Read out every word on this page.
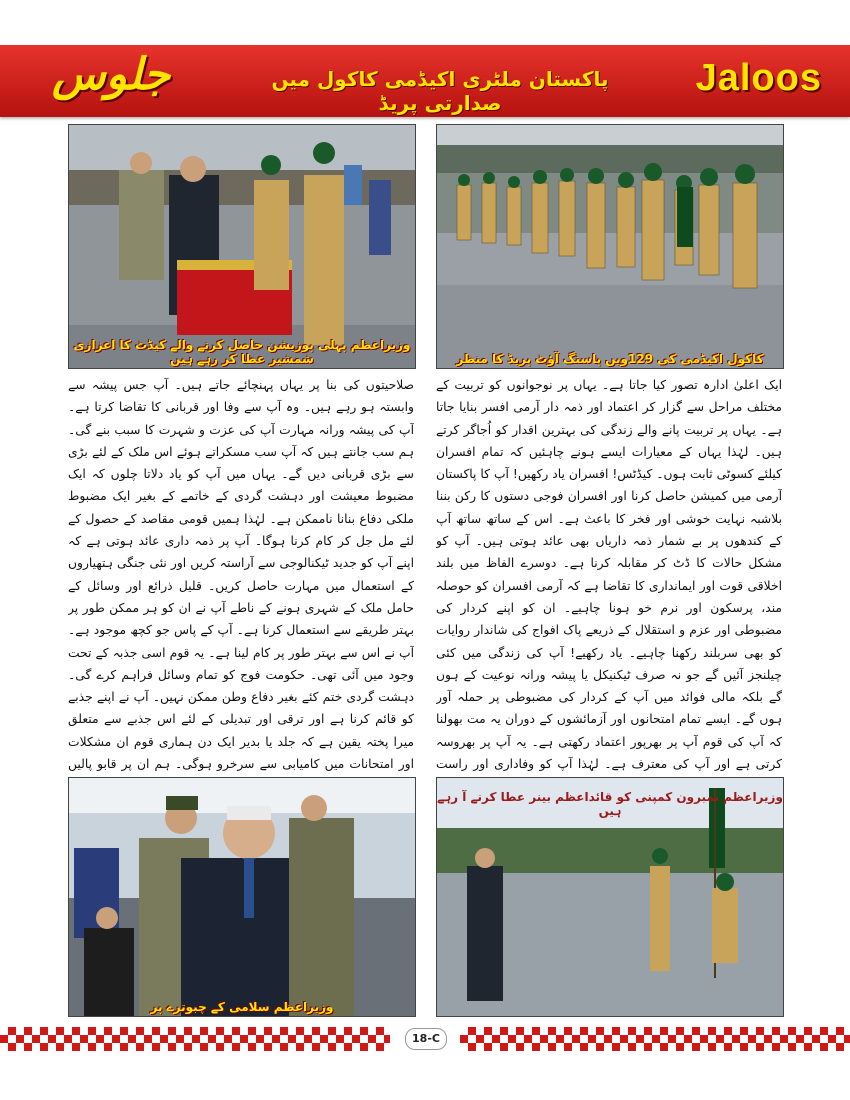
جلوس	پاکستان ملٹری اکیڈمی کاکول میں صدارتی پریڈ
Jaloos
کاکول اکیڈمی کی 129ویں پاسنگ آؤٹ پریڈ کا منظر
وزیراعظم پہلی پوزیشن حاصل کرنے والے کیڈٹ کا اعزازی شمشیر عطا کر رہے ہیں

ایک اعلیٰ ادارہ تصور کیا جاتا ہے۔ یہاں پر نوجوانوں کو تربیت کے مختلف مراحل سے گزار کر اعتماد اور ذمہ دار آرمی افسر بنایا جاتا ہے۔ یہاں پر تربیت پانے والے زندگی کی بہترین اقدار کو اُجاگر کرتے ہیں۔ لہٰذا یہاں کے معیارات ایسے ہونے چاہئیں کہ تمام افسران کیلئے کسوٹی ثابت ہوں۔ کیڈٹس! افسران یاد رکھیں! آپ کا پاکستان آرمی میں کمیشن حاصل کرنا اور افسران فوجی دستوں کا رکن بننا بلاشبہ نہایت خوشی اور فخر کا باعث ہے۔ اس کے ساتھ ساتھ آپ کے کندھوں پر بے شمار ذمہ داریاں بھی عائد ہوتی ہیں۔ آپ کو مشکل حالات کا ڈٹ کر مقابلہ کرنا ہے۔ دوسرے الفاظ میں بلند اخلاقی قوت اور ایمانداری کا تقاضا ہے کہ آرمی افسران کو حوصلہ مند، پرسکون اور نرم خو ہونا چاہیے۔ ان کو اپنے کردار کی مضبوطی اور عزم و استقلال کے ذریعے پاک افواج کی شاندار روایات کو بھی سربلند رکھنا چاہیے۔ یاد رکھیے! آپ کی زندگی میں کئی چیلنجز آئیں گے جو نہ صرف ٹیکنیکل یا پیشہ ورانہ نوعیت کے ہوں گے بلکہ مالی فوائد میں آپ کے کردار کی مضبوطی پر حملہ آور ہوں گے۔ ایسے تمام امتحانوں اور آزمائشوں کے دوران یہ مت بھولنا کہ آپ کی قوم آپ پر بھرپور اعتماد رکھتی ہے۔ یہ آپ پر بھروسہ کرتی ہے اور آپ کی معترف ہے۔ لہٰذا آپ کو وفاداری اور راست

صلاحیتوں کی بنا پر یہاں پہنچائے جاتے ہیں۔ آپ جس پیشہ سے وابستہ ہو رہے ہیں۔ وہ آپ سے وفا اور قربانی کا تقاضا کرتا ہے۔ آپ کی پیشہ ورانہ مہارت آپ کی عزت و شہرت کا سبب بنے گی۔ ہم سب جانتے ہیں کہ آپ سب مسکراتے ہوئے اس ملک کے لئے بڑی سے بڑی قربانی دیں گے۔ یہاں میں آپ کو یاد دلاتا چلوں کہ ایک مضبوط معیشت اور دہشت گردی کے خاتمے کے بغیر ایک مضبوط ملکی دفاع بنانا ناممکن ہے۔ لہٰذا ہمیں قومی مقاصد کے حصول کے لئے مل جل کر کام کرنا ہوگا۔ آپ پر ذمہ داری عائد ہوتی ہے کہ اپنے آپ کو جدید ٹیکنالوجی سے آراستہ کریں اور نئی جنگی ہتھیاروں کے استعمال میں مہارت حاصل کریں۔ قلیل ذرائع اور وسائل کے حامل ملک کے شہری ہونے کے ناطے آپ نے ان کو ہر ممکن طور پر بہتر طریقے سے استعمال کرنا ہے۔ آپ کے پاس جو کچھ موجود ہے۔ آپ نے اس سے بہتر طور پر کام لینا ہے۔ یہ قوم اسی جذبہ کے تحت وجود میں آئی تھی۔ حکومت فوج کو تمام وسائل فراہم کرے گی۔ دہشت گردی ختم کئے بغیر دفاع وطن ممکن نہیں۔ آپ نے اپنے جذبے کو قائم کرنا ہے اور ترقی اور تبدیلی کے لئے اس جذبے سے متعلق میرا پختہ یقین ہے کہ جلد یا بدیر ایک دن ہماری قوم ان مشکلات اور امتحانات میں کامیابی سے سرخرو ہوگی۔ ہم ان پر قابو پالیں

وزیراعظم نمبرون کمپنی کو قائداعظم بینر عطا کرنے آ رہے ہیں
وزیراعظم سلامی کے چبوترے پر
18-C
